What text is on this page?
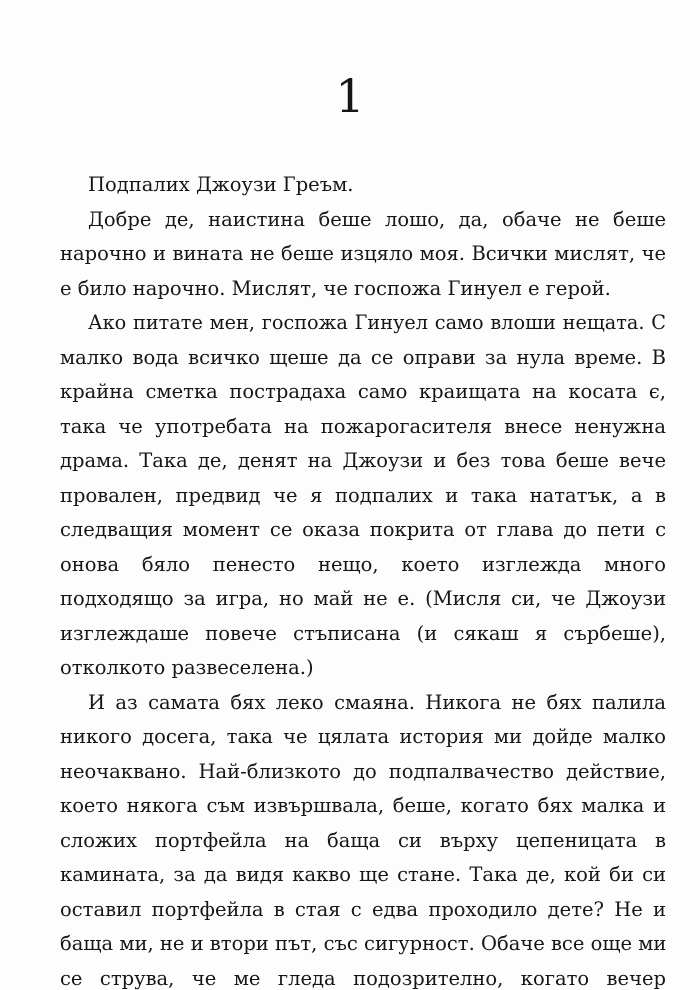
1
Подпалих Джоузи Греъм.
Добре де, наистина беше лошо, да, обаче не беше
нарочно и вината не беше изцяло моя. Всички мислят, че
е било нарочно. Мислят, че госпожа Гинуел е герой.
Ако питате мен, госпожа Гинуел само влоши нещата. С
малко вода всичко щеше да се оправи за нула време. В
крайна сметка пострадаха само краищата на косата є,
така че употребата на пожарогасителя внесе ненужна
драма. Така де, денят на Джоузи и без това беше вече
провален, предвид че я подпалих и така нататък, а в
следващия момент се оказа покрита от глава до пети с
онова бяло пенесто нещо, което изглежда много
подходящо за игра, но май не е. (Мисля си, че Джоузи
изглеждаше повече стъписана (и сякаш я сърбеше),
отколкото развеселена.)
И аз самата бях леко смаяна. Никога не бях палила
никого досега, така че цялата история ми дойде малко
неочаквано. Най-близкото до подпалвачество действие,
което някога съм извършвала, беше, когато бях малка и
сложих портфейла на баща си върху цепеницата в
камината, за да видя какво ще стане. Така де, кой би си
оставил портфейла в стая с едва проходило дете? Не и
баща ми, не и втори път, със сигурност. Обаче все още ми
се струва, че ме гледа подозрително, когато вечер
